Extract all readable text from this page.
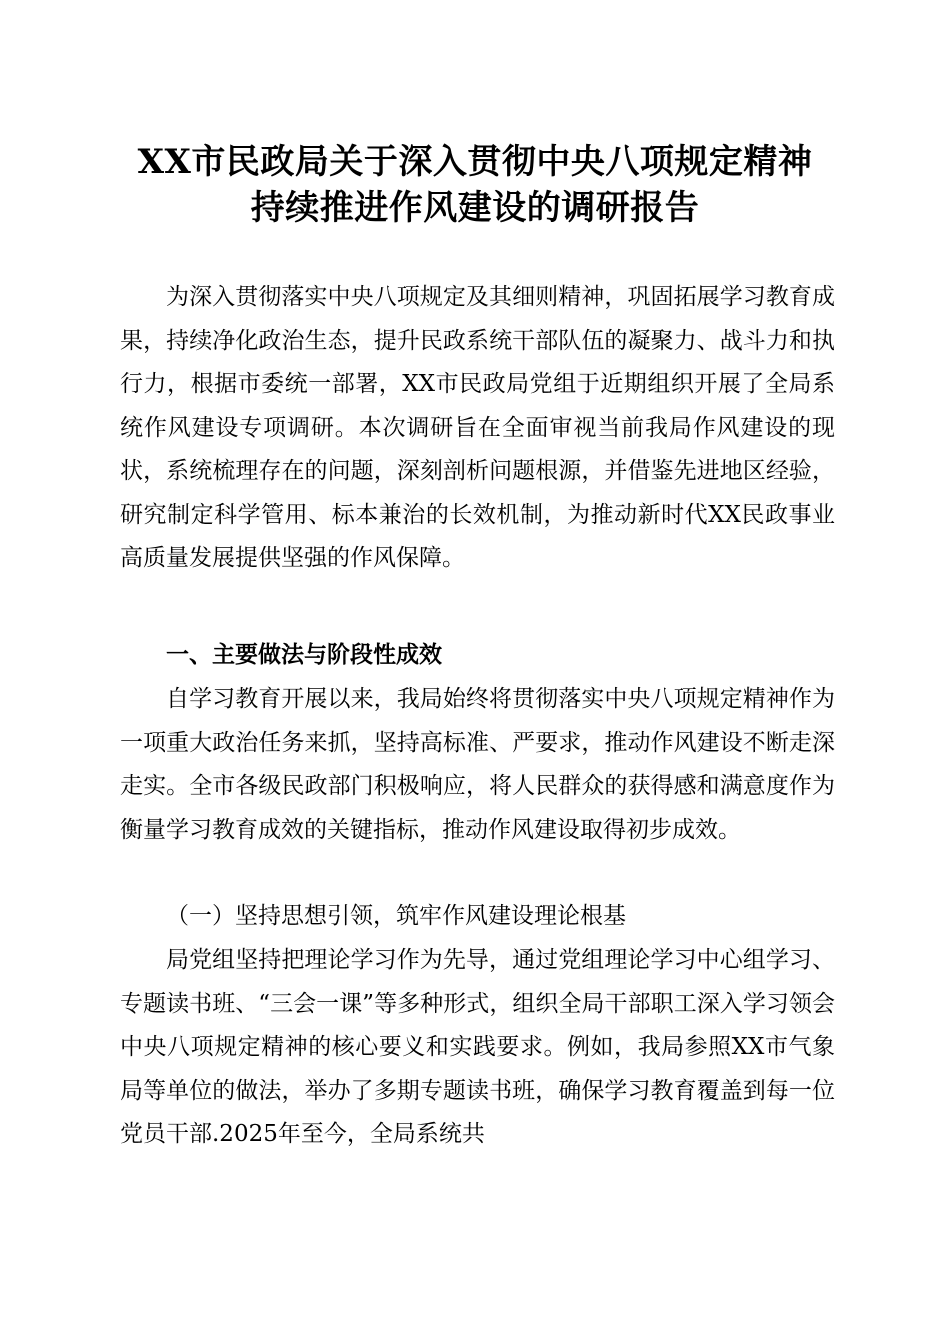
XX市民政局关于深入贯彻中央八项规定精神
持续推进作风建设的调研报告

为深入贯彻落实中央八项规定及其细则精神，巩固拓展学习教育成果，持续净化政治生态，提升民政系统干部队伍的凝聚力、战斗力和执行力，根据市委统一部署，XX市民政局党组于近期组织开展了全局系统作风建设专项调研。本次调研旨在全面审视当前我局作风建设的现状，系统梳理存在的问题，深刻剖析问题根源，并借鉴先进地区经验，研究制定科学管用、标本兼治的长效机制，为推动新时代XX民政事业高质量发展提供坚强的作风保障。

一、主要做法与阶段性成效

自学习教育开展以来，我局始终将贯彻落实中央八项规定精神作为一项重大政治任务来抓，坚持高标准、严要求，推动作风建设不断走深走实。全市各级民政部门积极响应，将人民群众的获得感和满意度作为衡量学习教育成效的关键指标，推动作风建设取得初步成效。

（一）坚持思想引领，筑牢作风建设理论根基

局党组坚持把理论学习作为先导，通过党组理论学习中心组学习、专题读书班、“三会一课”等多种形式，组织全局干部职工深入学习领会中央八项规定精神的核心要义和实践要求。例如，我局参照XX市气象局等单位的做法，举办了多期专题读书班，确保学习教育覆盖到每一位党员干部.2025年至今，全局系统共
